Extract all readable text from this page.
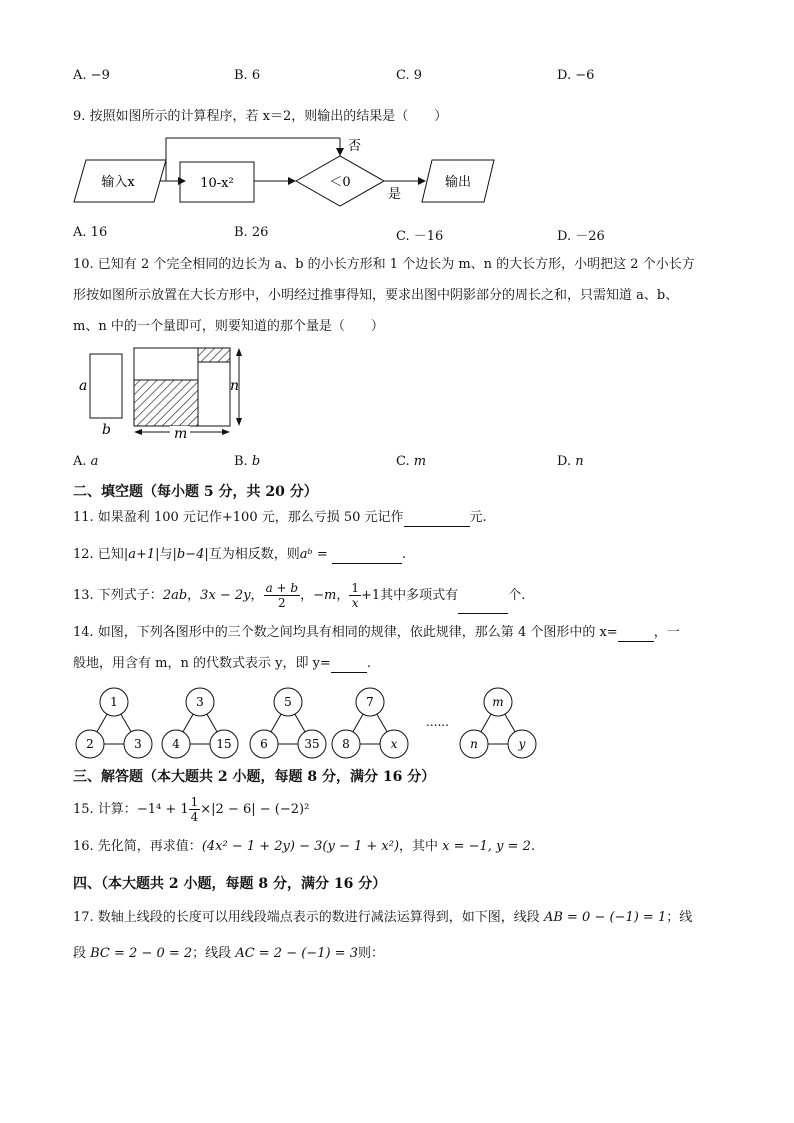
A. −9	B. 6	C. 9	D. −6
9. 按照如图所示的计算程序，若 x＝2，则输出的结果是（　　）
输入x	10-x²	＜0
否
是
输出
A. 16	B. 26	C. －16	D. －26
10. 已知有 2 个完全相同的边长为 a、b 的小长方形和 1 个边长为 m、n 的大长方形，小明把这 2 个小长方
形按如图所示放置在大长方形中，小明经过推事得知，要求出图中阴影部分的周长之和，只需知道 a、b、
m、n 中的一个量即可，则要知道的那个量是（　　）
a
b
n
m
A. a	B. b	C. m	D. n
二、填空题（每小题 5 分，共 20 分）
11. 如果盈利 100 元记作+100 元，那么亏损 50 元记作	元.
12. 已知|a+1|与|b−4|互为相反数，则aᵇ =	.
13. 下列式子：2ab，3x − 2y， $\frac{a + b}{2}$ ，−m， $\frac{1}{x} +1$其中多项式有	个.
14. 如图，下列各图形中的三个数之间均具有相同的规律，依此规律，那么第 4 个图形中的 x=	，一
般地，用含有 m，n 的代数式表示 y，即 y=	.
1
2	3
3
4	15
5
6	35
7
8	x
m
n	y
......
三、解答题（本大题共 2 小题，每题 8 分，满分 16 分）
15. 计算：$-1^4 + 1 \frac{1}{4} \times|2 - 6| - (-2)^2$
16. 先化简，再求值：(4x² − 1 + 2y) − 3(y − 1 + x²)，其中 x = −1, y = 2.
四、（本大题共 2 小题，每题 8 分，满分 16 分）
17. 数轴上线段的长度可以用线段端点表示的数进行减法运算得到，如下图，线段 AB = 0 − (−1) = 1；线
段 BC = 2 − 0 = 2；线段 AC = 2 − (−1) = 3则：
